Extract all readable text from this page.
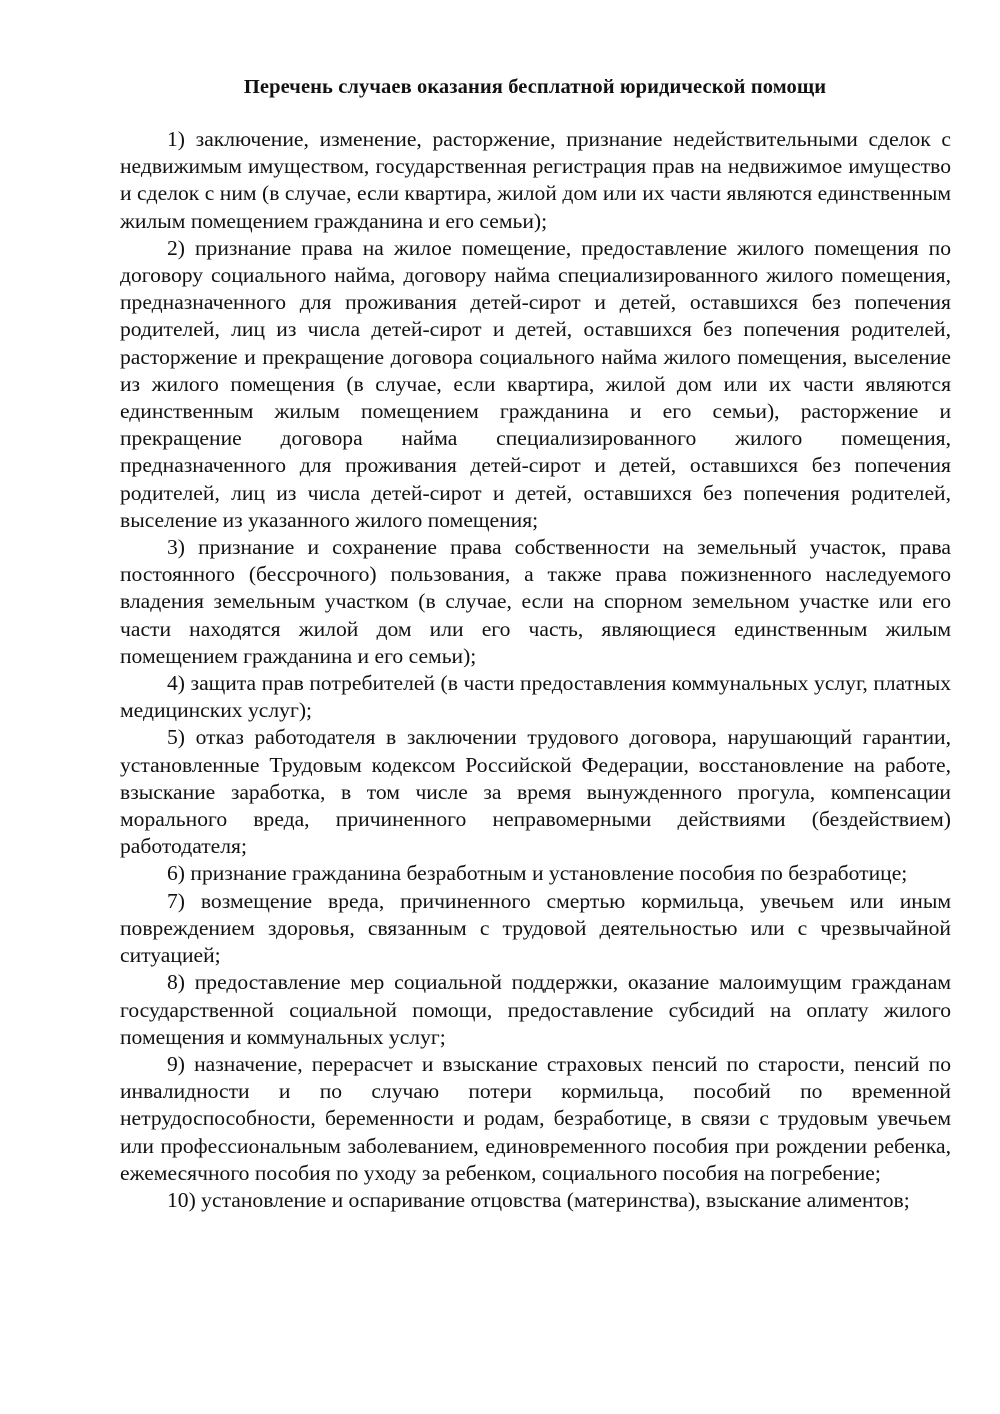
Перечень случаев оказания бесплатной юридической помощи

1) заключение, изменение, расторжение, признание недействительными сделок с недвижимым имуществом, государственная регистрация прав на недвижимое имущество и сделок с ним (в случае, если квартира, жилой дом или их части являются единственным жилым помещением гражданина и его семьи);

2) признание права на жилое помещение, предоставление жилого помещения по договору социального найма, договору найма специализированного жилого помещения, предназначенного для проживания детей-сирот и детей, оставшихся без попечения родителей, лиц из числа детей-сирот и детей, оставшихся без попечения родителей, расторжение и прекращение договора социального найма жилого помещения, выселение из жилого помещения (в случае, если квартира, жилой дом или их части являются единственным жилым помещением гражданина и его семьи), расторжение и прекращение договора найма специализированного жилого помещения, предназначенного для проживания детей-сирот и детей, оставшихся без попечения родителей, лиц из числа детей-сирот и детей, оставшихся без попечения родителей, выселение из указанного жилого помещения;

3) признание и сохранение права собственности на земельный участок, права постоянного (бессрочного) пользования, а также права пожизненного наследуемого владения земельным участком (в случае, если на спорном земельном участке или его части находятся жилой дом или его часть, являющиеся единственным жилым помещением гражданина и его семьи);

4) защита прав потребителей (в части предоставления коммунальных услуг, платных медицинских услуг);

5) отказ работодателя в заключении трудового договора, нарушающий гарантии, установленные Трудовым кодексом Российской Федерации, восстановление на работе, взыскание заработка, в том числе за время вынужденного прогула, компенсации морального вреда, причиненного неправомерными действиями (бездействием) работодателя;

6) признание гражданина безработным и установление пособия по безработице;

7) возмещение вреда, причиненного смертью кормильца, увечьем или иным повреждением здоровья, связанным с трудовой деятельностью или с чрезвычайной ситуацией;

8) предоставление мер социальной поддержки, оказание малоимущим гражданам государственной социальной помощи, предоставление субсидий на оплату жилого помещения и коммунальных услуг;

9) назначение, перерасчет и взыскание страховых пенсий по старости, пенсий по инвалидности и по случаю потери кормильца, пособий по временной нетрудоспособности, беременности и родам, безработице, в связи с трудовым увечьем или профессиональным заболеванием, единовременного пособия при рождении ребенка, ежемесячного пособия по уходу за ребенком, социального пособия на погребение;

10) установление и оспаривание отцовства (материнства), взыскание алиментов;
